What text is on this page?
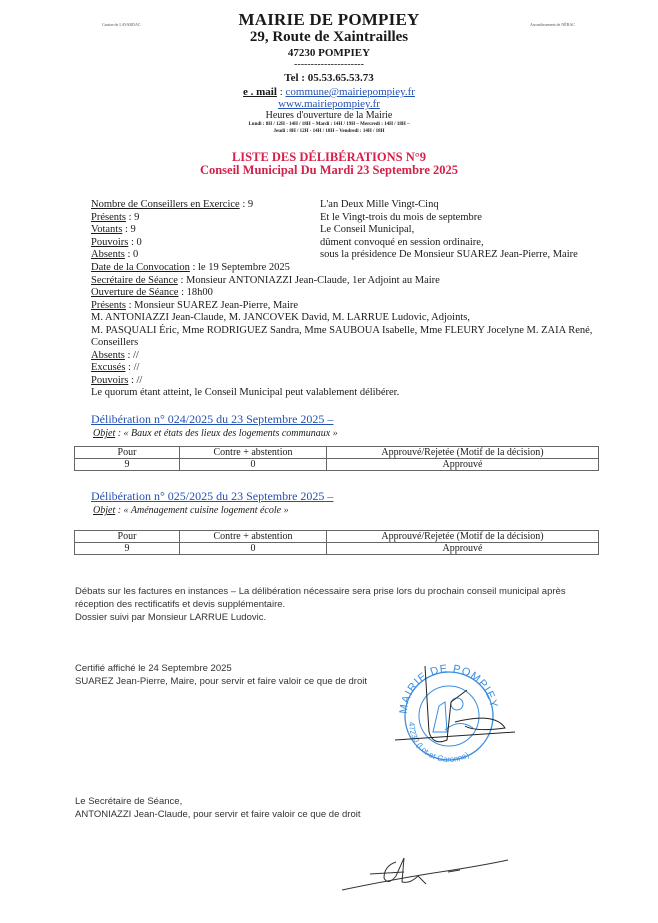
Canton de LAVARDAC	Arrondissement de NÉRAC
MAIRIE DE POMPIEY
29, Route de Xaintrailles
47230 POMPIEY
---------------------
Tel : 05.53.65.53.73
e . mail : commune@mairiepompiey.fr
www.mairiepompiey.fr
Heures d'ouverture de la Mairie
Lundi : 8H / 12H - 14H / 18H – Mardi : 14H / 19H – Mercredi : 14H / 18H –
Jeudi : 8H / 12H - 14H / 18H – Vendredi : 14H / 18H
LISTE DES DÉLIBÉRATIONS N°9
Conseil Municipal Du Mardi 23 Septembre 2025
Nombre de Conseillers en Exercice : 9
Présents : 9
Votants : 9
Pouvoirs : 0
Absents : 0
L'an Deux Mille Vingt-Cinq
Et le Vingt-trois du mois de septembre
Le Conseil Municipal,
dûment convoqué en session ordinaire,
sous la présidence De Monsieur SUAREZ Jean-Pierre, Maire
Date de la Convocation : le 19 Septembre 2025
Secrétaire de Séance : Monsieur ANTONIAZZI Jean-Claude, 1er Adjoint au Maire
Ouverture de Séance : 18h00
Présents : Monsieur SUAREZ Jean-Pierre, Maire
M. ANTONIAZZI Jean-Claude, M. JANCOVEK David, M. LARRUE Ludovic, Adjoints,
M. PASQUALI Éric, Mme RODRIGUEZ Sandra, Mme SAUBOUA Isabelle, Mme FLEURY Jocelyne M. ZAIA René,
Conseillers
Absents : //
Excusés : //
Pouvoirs : //
Le quorum étant atteint, le Conseil Municipal peut valablement délibérer.
Délibération n° 024/2025 du 23 Septembre 2025 –
Objet : « Baux et états des lieux des logements communaux »
Pour	Contre + abstention	Approuvé/Rejetée (Motif de la décision)
9	0	Approuvé
Délibération n° 025/2025 du 23 Septembre 2025 –
Objet : « Aménagement cuisine logement école »
Pour	Contre + abstention	Approuvé/Rejetée (Motif de la décision)
9	0	Approuvé
Débats sur les factures en instances – La délibération nécessaire sera prise lors du prochain conseil municipal après
réception des rectificatifs et devis supplémentaire.
Dossier suivi par Monsieur LARRUE Ludovic.
Certifié affiché le 24 Septembre 2025
SUAREZ Jean-Pierre, Maire, pour servir et faire valoir ce que de droit
MAIRIE DE POMPIEY
47230 (Lot-et-Garonne)
Le Secrétaire de Séance,
ANTONIAZZI Jean-Claude, pour servir et faire valoir ce que de droit
